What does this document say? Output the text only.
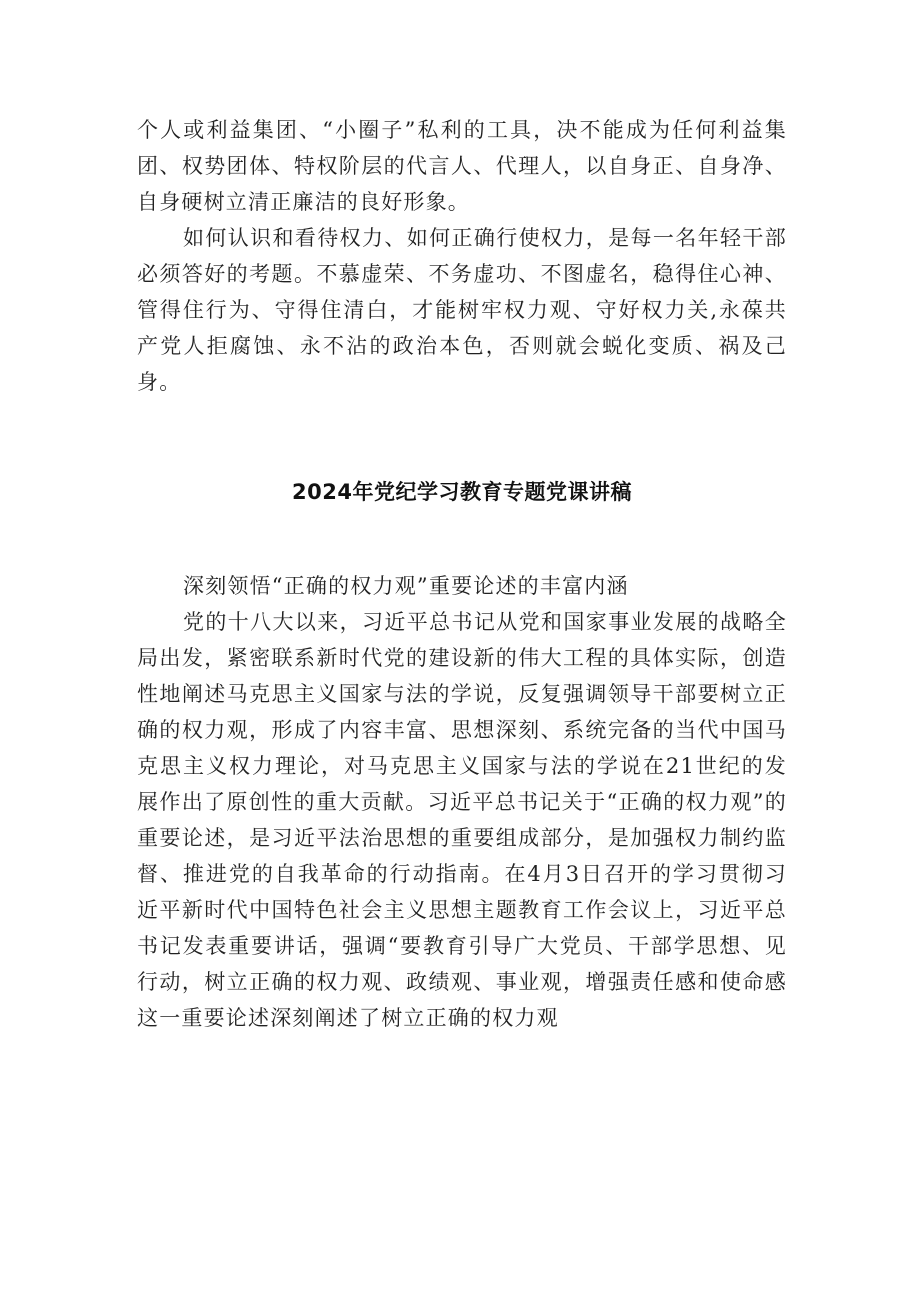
个人或利益集团、“小圈子”私利的工具，决不能成为任何利益集团、权势团体、特权阶层的代言人、代理人，以自身正、自身净、自身硬树立清正廉洁的良好形象。

如何认识和看待权力、如何正确行使权力，是每一名年轻干部必须答好的考题。不慕虚荣、不务虚功、不图虚名，稳得住心神、管得住行为、守得住清白，才能树牢权力观、守好权力关,永葆共产党人拒腐蚀、永不沾的政治本色，否则就会蜕化变质、祸及己身。

2024年党纪学习教育专题党课讲稿

深刻领悟“正确的权力观”重要论述的丰富内涵

党的十八大以来，习近平总书记从党和国家事业发展的战略全局出发，紧密联系新时代党的建设新的伟大工程的具体实际，创造性地阐述马克思主义国家与法的学说，反复强调领导干部要树立正确的权力观，形成了内容丰富、思想深刻、系统完备的当代中国马克思主义权力理论，对马克思主义国家与法的学说在21世纪的发展作出了原创性的重大贡献。习近平总书记关于“正确的权力观”的重要论述，是习近平法治思想的重要组成部分，是加强权力制约监督、推进党的自我革命的行动指南。在4月3日召开的学习贯彻习近平新时代中国特色社会主义思想主题教育工作会议上，习近平总书记发表重要讲话，强调“要教育引导广大党员、干部学思想、见行动，树立正确的权力观、政绩观、事业观，增强责任感和使命感这一重要论述深刻阐述了树立正确的权力观
